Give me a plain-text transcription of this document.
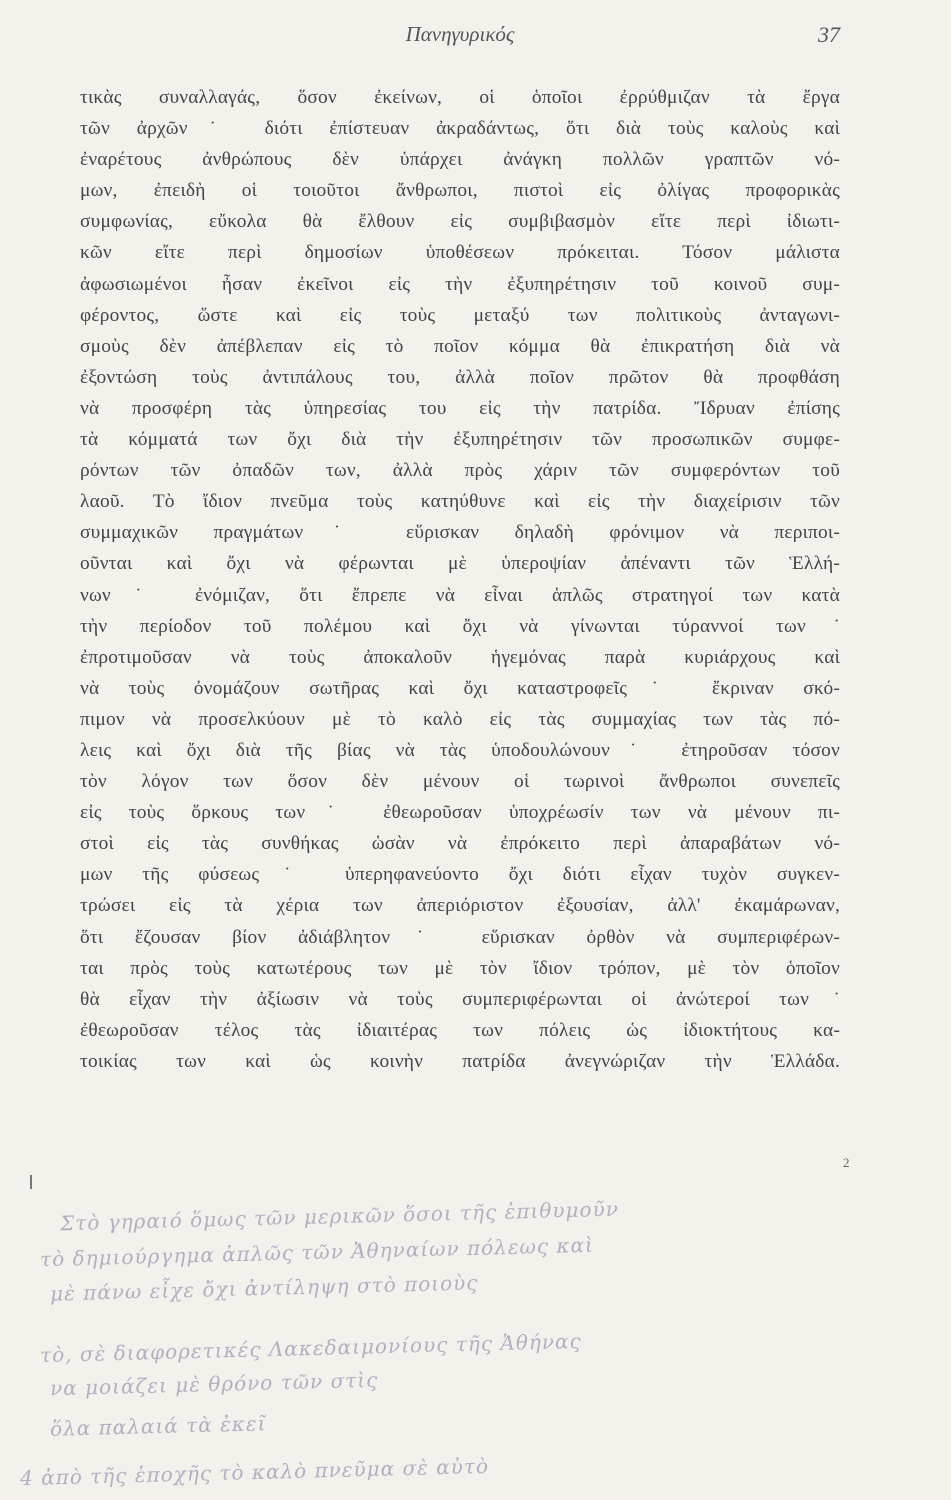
Πανηγυρικός	37
τικὰς συναλλαγάς, ὅσον ἐκείνων, οἱ ὁποῖοι ἐρρύθμιζαν τὰ ἔργα
τῶν ἀρχῶν˙ διότι ἐπίστευαν ἀκραδάντως, ὅτι διὰ τοὺς καλοὺς καὶ
ἐναρέτους ἀνθρώπους δὲν ὑπάρχει ἀνάγκη πολλῶν γραπτῶν νό-
μων, ἐπειδὴ οἱ τοιοῦτοι ἄνθρωποι, πιστοὶ εἰς ὀλίγας προφορικὰς
συμφωνίας, εὔκολα θὰ ἔλθουν εἰς συμβιβασμὸν εἴτε περὶ ἰδιωτι-
κῶν εἴτε περὶ δημοσίων ὑποθέσεων πρόκειται. Τόσον μάλιστα
ἀφωσιωμένοι ἦσαν ἐκεῖνοι εἰς τὴν ἐξυπηρέτησιν τοῦ κοινοῦ συμ-
φέροντος, ὥστε καὶ εἰς τοὺς μεταξύ των πολιτικοὺς ἀνταγωνι-
σμοὺς δὲν ἀπέβλεπαν εἰς τὸ ποῖον κόμμα θὰ ἐπικρατήση διὰ νὰ
ἐξοντώση τοὺς ἀντιπάλους του, ἀλλὰ ποῖον πρῶτον θὰ προφθάση
νὰ προσφέρη τὰς ὑπηρεσίας του εἰς τὴν πατρίδα. Ἴδρυαν ἐπίσης
τὰ κόμματά των ὄχι διὰ τὴν ἐξυπηρέτησιν τῶν προσωπικῶν συμφε-
ρόντων τῶν ὀπαδῶν των, ἀλλὰ πρὸς χάριν τῶν συμφερόντων τοῦ
λαοῦ. Τὸ ἴδιον πνεῦμα τοὺς κατηύθυνε καὶ εἰς τὴν διαχείρισιν τῶν
συμμαχικῶν πραγμάτων˙ εὕρισκαν δηλαδὴ φρόνιμον νὰ περιποι-
οῦνται καὶ ὄχι νὰ φέρωνται μὲ ὑπεροψίαν ἀπέναντι τῶν Ἑλλή-
νων˙ ἐνόμιζαν, ὅτι ἔπρεπε νὰ εἶναι ἁπλῶς στρατηγοί των κατὰ
τὴν περίοδον τοῦ πολέμου καὶ ὄχι νὰ γίνωνται τύραννοί των˙
ἐπροτιμοῦσαν νὰ τοὺς ἀποκαλοῦν ἡγεμόνας παρὰ κυριάρχους καὶ
νὰ τοὺς ὀνομάζουν σωτῆρας καὶ ὄχι καταστροφεῖς˙ ἔκριναν σκό-
πιμον νὰ προσελκύουν μὲ τὸ καλὸ εἰς τὰς συμμαχίας των τὰς πό-
λεις καὶ ὄχι διὰ τῆς βίας νὰ τὰς ὑποδουλώνουν˙ ἐτηροῦσαν τόσον
τὸν λόγον των ὅσον δὲν μένουν οἱ τωρινοὶ ἄνθρωποι συνεπεῖς
εἰς τοὺς ὅρκους των˙ ἐθεωροῦσαν ὑποχρέωσίν των νὰ μένουν πι-
στοὶ εἰς τὰς συνθήκας ὡσὰν νὰ ἐπρόκειτο περὶ ἀπαραβάτων νό-
μων τῆς φύσεως˙ ὑπερηφανεύοντο ὄχι διότι εἶχαν τυχὸν συγκεν-
τρώσει εἰς τὰ χέρια των ἀπεριόριστον ἐξουσίαν, ἀλλ' ἐκαμάρωναν,
ὅτι ἔζουσαν βίον ἀδιάβλητον˙ εὕρισκαν ὀρθὸν νὰ συμπεριφέρων-
ται πρὸς τοὺς κατωτέρους των μὲ τὸν ἴδιον τρόπον, μὲ τὸν ὁποῖον
θὰ εἶχαν τὴν ἀξίωσιν νὰ τοὺς συμπεριφέρωνται οἱ ἀνώτεροί των˙
ἐθεωροῦσαν τέλος τὰς ἰδιαιτέρας των πόλεις ὡς ἰδιοκτήτους κα-
τοικίας των καὶ ὡς κοινὴν πατρίδα ἀνεγνώριζαν τὴν Ἑλλάδα.
2
Στὸ γηραιό ὅμως τῶν μερικῶν ὅσοι τῆς ἐπιθυμοῦν
τὸ δημιούργημα ἀπλῶς τῶν Ἀθηναίων πόλεως καὶ
μὲ πάνω εἶχε ὄχι ἀντίληψη στὸ ποιοὺς
τὸ, σὲ διαφορετικές Λακεδαιμονίους τῆς Ἀθήνας
να μοιάζει μὲ θρόνο τῶν στὶς
ὅλα παλαιά τὰ ἐκεῖ
4 ἀπὸ τῆς ἐποχῆς τὸ καλὸ πνεῦμα σὲ αὐτὸ
